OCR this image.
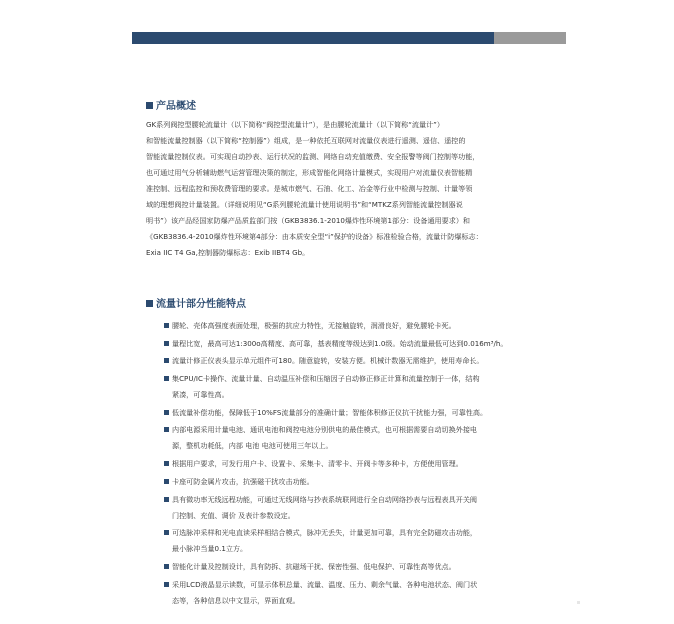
产品概述

GK系列阀控型腰轮流量计（以下简称“阀控型流量计”），是由腰轮流量计（以下简称“流量计”）

和智能流量控制器（以下简称“控制器”）组成，是一种依托互联网对流量仪表进行遥测、遥信、遥控的

智能流量控制仪表。可实现自动抄表、运行状况的监测、网络自动充值缴费、安全报警等阀门控制等功能，

也可通过用气分析辅助燃气运营管理决策的制定，形成智能化网络计量模式，实现用户对流量仪表智能精

准控制、远程监控和预收费管理的要求。是城市燃气、石油、化工、冶金等行业中检测与控制、计量等领

域的理想阀控计量装置。（详细说明见“G系列腰轮流量计使用说明书”和“MTKZ系列智能流量控制器说

明书”）该产品经国家防爆产品质监部门按（GKB3836.1-2010爆炸性环境第1部分：设备通用要求）和

《GKB3836.4-2010爆炸性环境第4部分：由本质安全型“i”保护的设备》标准检验合格，流量计防爆标志：

Exia IIC T4 Ga,控制器防爆标志：Exib IIBT4 Gb。

流量计部分性能特点
腰轮、壳体高强度表面处理，极强的抗应力特性，无接触旋转，润滑良好，避免腰轮卡死。
量程比宽，最高可达1:300o高精度、高可靠，基表精度等级达到1.0级。始动流量最低可达到0.016m³/h。
流量计修正仪表头显示单元组件可180。随意旋转，安装方便。机械计数器无需维护，使用寿命长。
集CPU/IC卡操作、流量计量、自动温压补偿和压缩因子自动修正修正计算和流量控制于一体，结构
紧凑，可靠性高。
低流量补偿功能，保障低于10%FS流量部分的准确计量；智能体积修正仪抗干扰能力强，可靠性高。
内部电源采用计量电池、通讯电池和阀控电池分别供电的最佳模式，也可根据需要自动切换外接电
源，整机功耗低，内部 电池 电池可使用三年以上。
根据用户要求，可发行用户卡、设置卡、采集卡、清零卡、开阀卡等多种卡，方便使用管理。
卡座可防金属片攻击，抗强磁干扰攻击功能。
具有微功率无线远程功能，可通过无线网络与抄表系统联网进行全自动网络抄表与远程表具开关阀
门控制、充值、调价 及表计参数设定。
可选脉冲采样和光电直读采样相结合模式，脉冲无丢失，计量更加可靠，具有完全防磁攻击功能，
最小脉冲当量0.1立方。
智能化计量及控制设计，具有防拆、抗磁场干扰、保密性强、低电保护、可靠性高等优点。
采用LCD液晶显示读数，可显示体积总量、流量、温度、压力、剩余气量、各种电池状态、阀门状
态等，各种信息以中文显示，界面直观。
